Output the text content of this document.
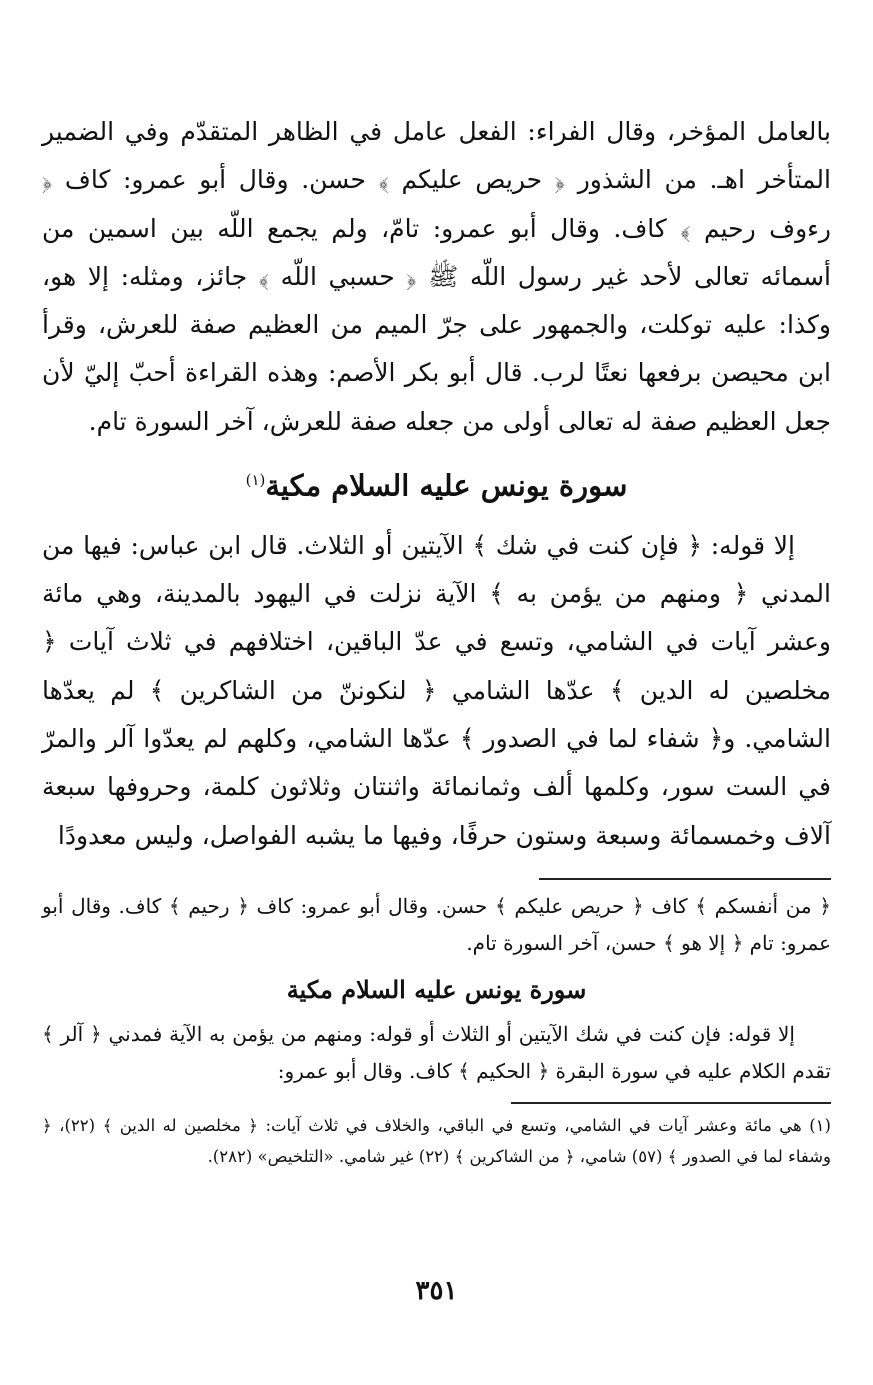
بالعامل المؤخر، وقال الفراء: الفعل عامل في الظاهر المتقدّم وفي الضمير المتأخر اهـ. من الشذور ﴿ حريص عليكم ﴾ حسن. وقال أبو عمرو: كاف ﴿ رءوف رحيم ﴾ كاف. وقال أبو عمرو: تامّ، ولم يجمع اللّه بين اسمين من أسمائه تعالى لأحد غير رسول اللّه ﷺ ﴿ حسبي اللّه ﴾ جائز، ومثله: إلا هو، وكذا: عليه توكلت، والجمهور على جرّ الميم من العظيم صفة للعرش، وقرأ ابن محيصن برفعها نعتًا لرب. قال أبو بكر الأصم: وهذه القراءة أحبّ إليّ لأن جعل العظيم صفة له تعالى أولى من جعله صفة للعرش، آخر السورة تام.

سورة يونس عليه السلام مكية$^{(١)}$

إلا قوله: ﴿ فإن كنت في شك ﴾ الآيتين أو الثلاث. قال ابن عباس: فيها من المدني ﴿ ومنهم من يؤمن به ﴾ الآية نزلت في اليهود بالمدينة، وهي مائة وعشر آيات في الشامي، وتسع في عدّ الباقين، اختلافهم في ثلاث آيات ﴿ مخلصين له الدين ﴾ عدّها الشامي ﴿ لنكوننّ من الشاكرين ﴾ لم يعدّها الشامي. و﴿ شفاء لما في الصدور ﴾ عدّها الشامي، وكلهم لم يعدّوا آلر والمرّ في الست سور، وكلمها ألف وثمانمائة واثنتان وثلاثون كلمة، وحروفها سبعة آلاف وخمسمائة وسبعة وستون حرفًا، وفيها ما يشبه الفواصل، وليس معدودًا

﴿ من أنفسكم ﴾ كاف ﴿ حريص عليكم ﴾ حسن. وقال أبو عمرو: كاف ﴿ رحيم ﴾ كاف. وقال أبو عمرو: تام ﴿ إلا هو ﴾ حسن، آخر السورة تام.

سورة يونس عليه السلام مكية

إلا قوله: فإن كنت في شك الآيتين أو الثلاث أو قوله: ومنهم من يؤمن به الآية فمدني ﴿ آلر ﴾ تقدم الكلام عليه في سورة البقرة ﴿ الحكيم ﴾ كاف. وقال أبو عمرو:

(١) هي مائة وعشر آيات في الشامي، وتسع في الباقي، والخلاف في ثلاث آيات: ﴿ مخلصين له الدين ﴾ (٢٢)، ﴿ وشفاء لما في الصدور ﴾ (٥٧) شامي، ﴿ من الشاكرين ﴾ (٢٢) غير شامي. «التلخيص» (٢٨٢).

٣٥١
